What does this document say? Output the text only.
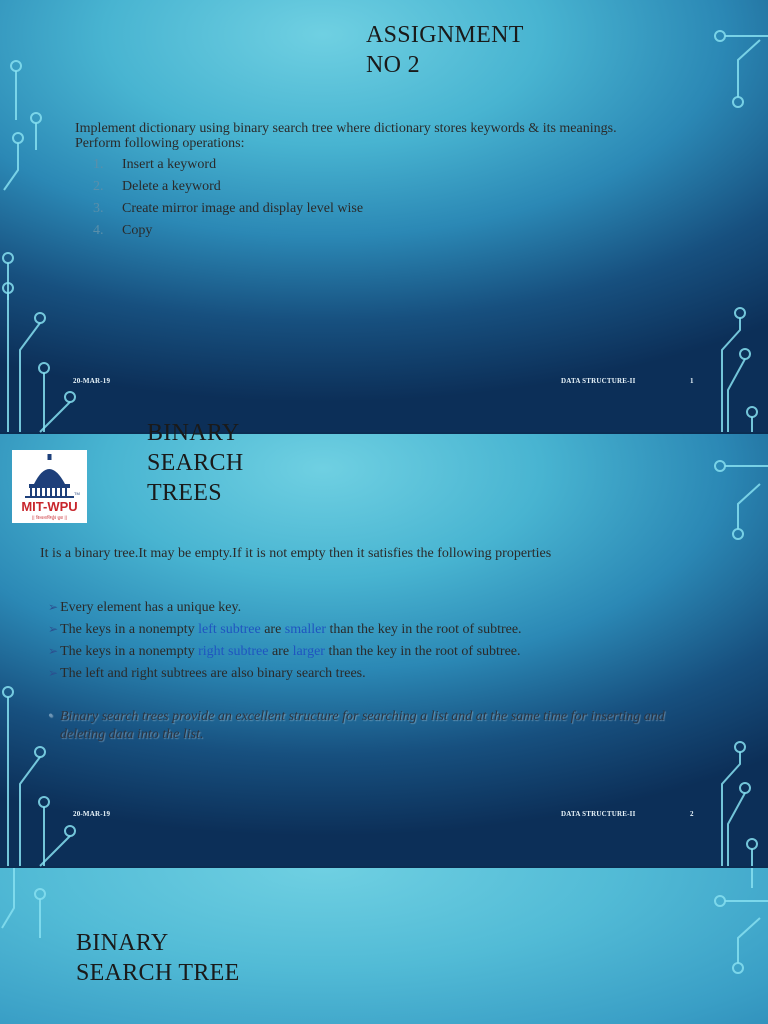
ASSIGNMENT
NO 2
Implement dictionary using binary search tree where dictionary stores keywords & its meanings. Perform following operations:
1. Insert a keyword
2. Delete a keyword
3. Create mirror image and display level wise
4. Copy
20-MAR-19	DATA STRUCTURE-II	1
TM
MIT-WPU
|| विश्वशान्तिर्ध्रुवं ध्रुवा ||
BINARY
SEARCH
TREES
It is a binary tree.It may be empty.If it is not empty then it satisfies the following properties
➢ Every element has a unique key.
➢ The keys in a nonempty left subtree are smaller than the key in the root of subtree.
➢ The keys in a nonempty right subtree are larger than the key in the root of subtree.
➢ The left and right subtrees are also binary search trees.
• Binary search trees provide an excellent structure for searching a list and at the same time for inserting and deleting data into the list.
20-MAR-19	DATA STRUCTURE-II	2
BINARY
SEARCH TREE
